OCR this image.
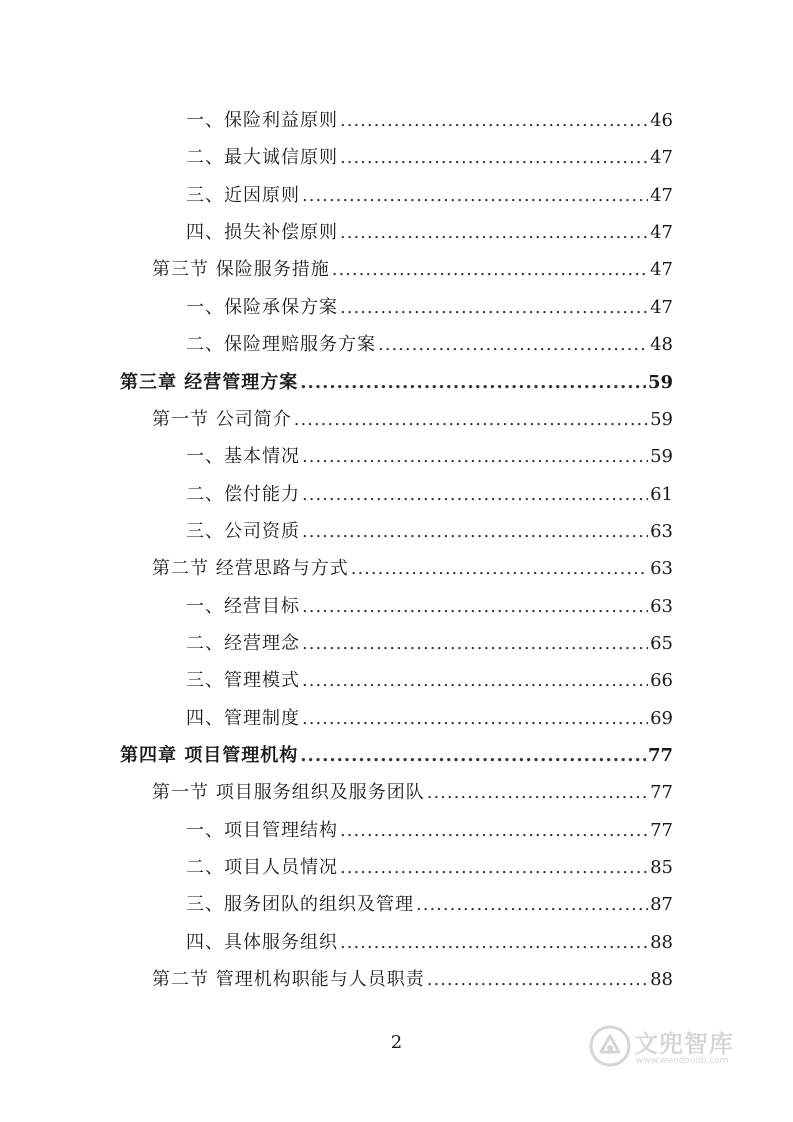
一、保险利益原则 .....	46
二、最大诚信原则 .....	47
三、近因原则 .....	47
四、损失补偿原则 .....	47
第三节 保险服务措施 .....	47
一、保险承保方案 .....	47
二、保险理赔服务方案 .....	48
第三章 经营管理方案 .....	59
第一节 公司简介 .....	59
一、基本情况 .....	59
二、偿付能力 .....	61
三、公司资质 .....	63
第二节 经营思路与方式 .....	63
一、经营目标 .....	63
二、经营理念 .....	65
三、管理模式 .....	66
四、管理制度 .....	69
第四章 项目管理机构 .....	77
第一节 项目服务组织及服务团队 .....	77
一、项目管理结构 .....	77
二、项目人员情况 .....	85
三、服务团队的组织及管理 .....	87
四、具体服务组织 .....	88
第二节 管理机构职能与人员职责 .....	88
2	文兜智库
www.wendoulib.com
